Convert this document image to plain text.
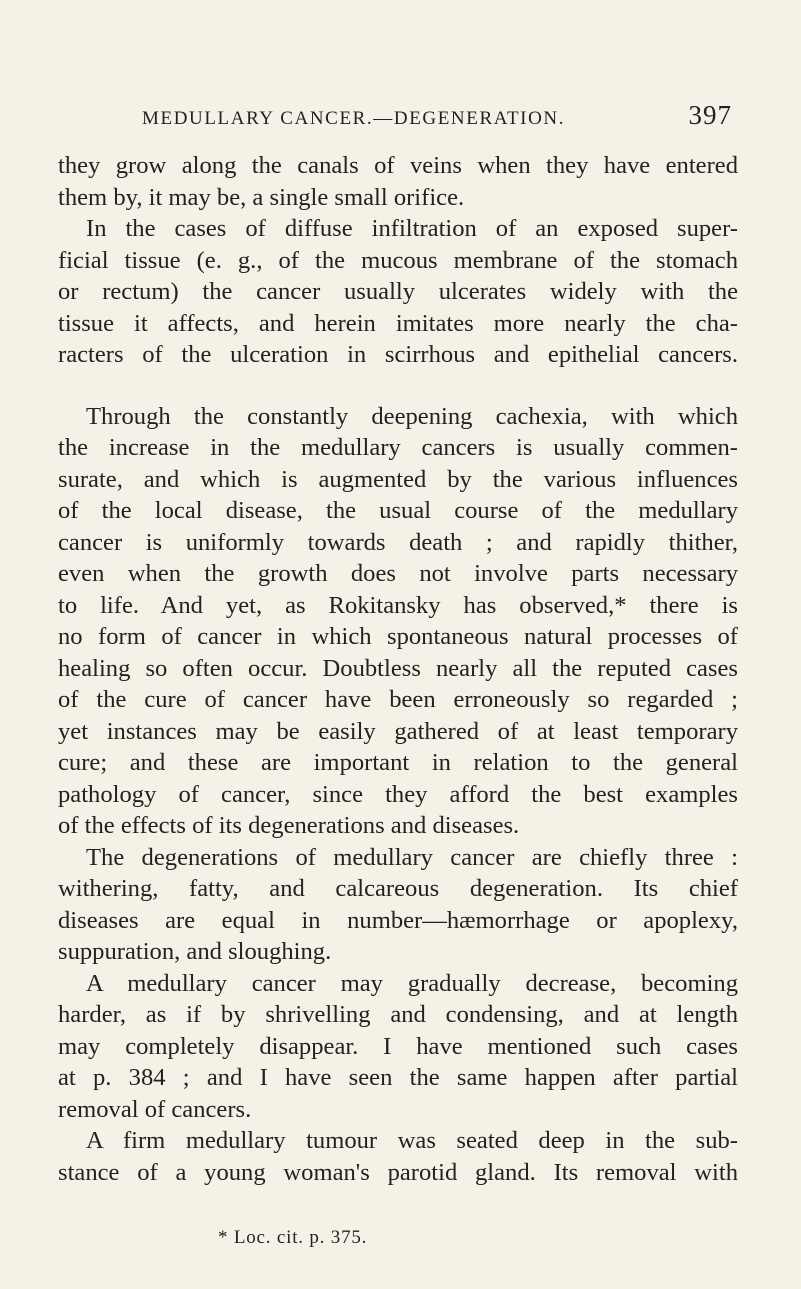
MEDULLARY CANCER.—DEGENERATION.	397

they grow along the canals of veins when they have entered
them by, it may be, a single small orifice.

In the cases of diffuse infiltration of an exposed super-
ficial tissue (e. g., of the mucous membrane of the stomach
or rectum) the cancer usually ulcerates widely with the
tissue it affects, and herein imitates more nearly the cha-
racters of the ulceration in scirrhous and epithelial cancers.

Through the constantly deepening cachexia, with which
the increase in the medullary cancers is usually commen-
surate, and which is augmented by the various influences
of the local disease, the usual course of the medullary
cancer is uniformly towards death ; and rapidly thither,
even when the growth does not involve parts necessary
to life. And yet, as Rokitansky has observed,* there is
no form of cancer in which spontaneous natural processes of
healing so often occur. Doubtless nearly all the reputed cases
of the cure of cancer have been erroneously so regarded ;
yet instances may be easily gathered of at least temporary
cure; and these are important in relation to the general
pathology of cancer, since they afford the best examples
of the effects of its degenerations and diseases.

The degenerations of medullary cancer are chiefly three :
withering, fatty, and calcareous degeneration. Its chief
diseases are equal in number—hæmorrhage or apoplexy,
suppuration, and sloughing.

A medullary cancer may gradually decrease, becoming
harder, as if by shrivelling and condensing, and at length
may completely disappear. I have mentioned such cases
at p. 384 ; and I have seen the same happen after partial
removal of cancers.

A firm medullary tumour was seated deep in the sub-
stance of a young woman's parotid gland. Its removal with

* Loc. cit. p. 375.
